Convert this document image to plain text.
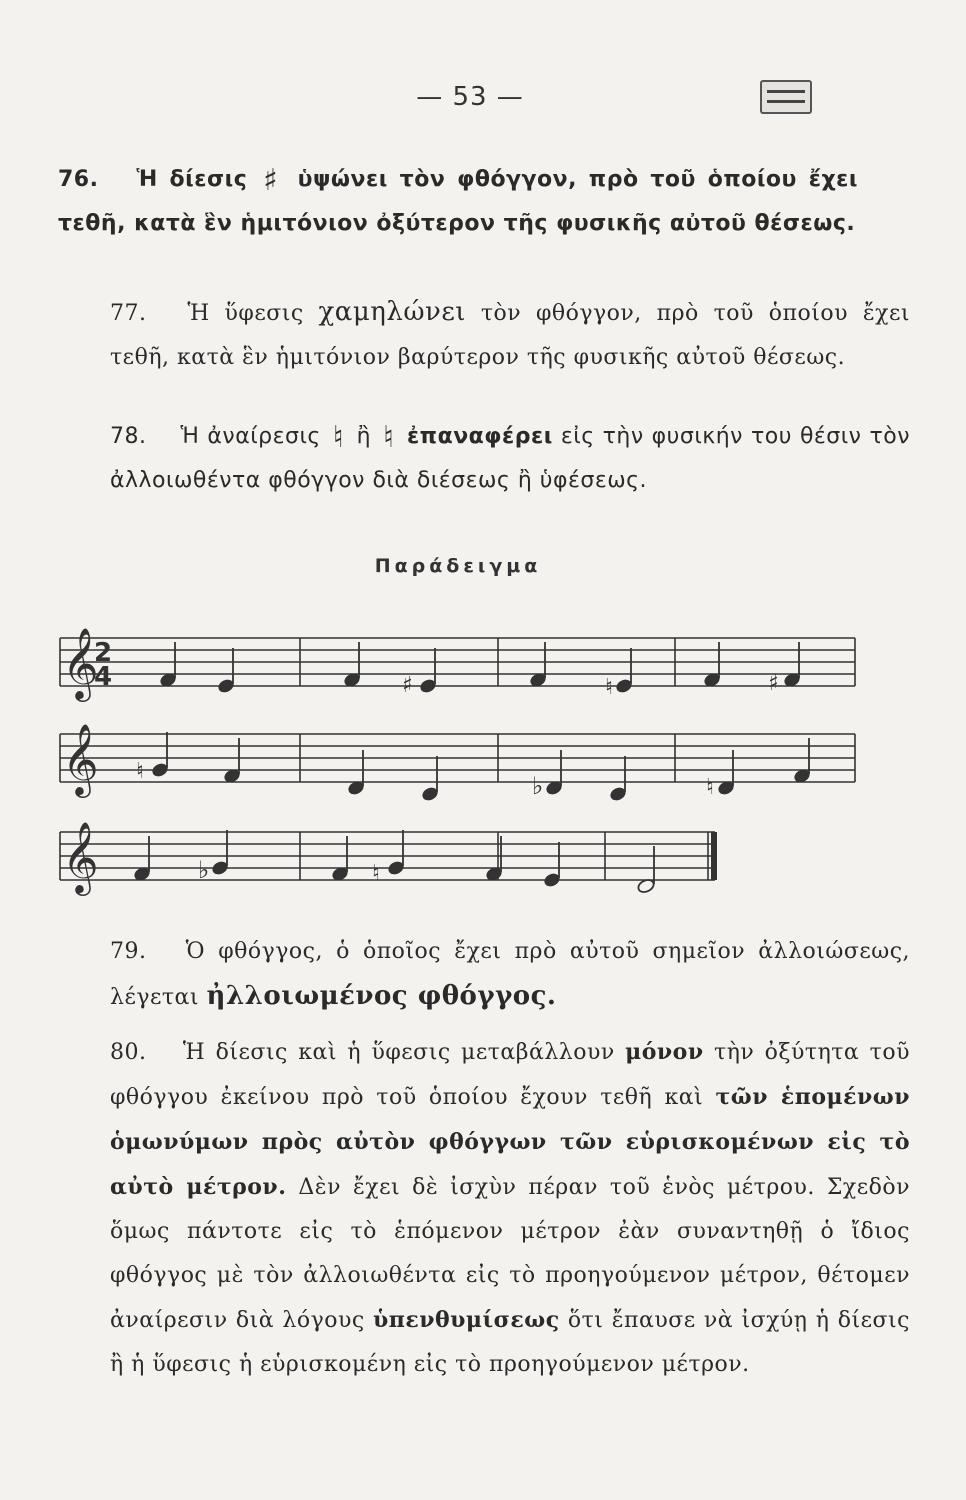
— 53 —

76. Ἡ δίεσις ♯ ὑψώνει τὸν φθόγγον, πρὸ τοῦ ὁποίου ἔχει τεθῆ, κατὰ ἓν ἡμιτόνιον ὀξύτερον τῆς φυσικῆς αὐτοῦ θέσεως.

77. Ἡ ὕφεσις χαμηλώνει τὸν φθόγγον, πρὸ τοῦ ὁποίου ἔχει τεθῆ, κατὰ ἓν ἡμιτόνιον βαρύτερον τῆς φυσικῆς αὐτοῦ θέσεως.

78. Ἡ ἀναίρεσις ♮ ἢ ♮ ἐπαναφέρει εἰς τὴν φυσικήν του θέσιν τὸν ἀλλοιωθέντα φθόγγον διὰ διέσεως ἢ ὑφέσεως.

Παράδειγμα
𝄞
𝄞
𝄞
2
4	♯	♮	♯
♮
♭	♮
♭	♮

79. Ὁ φθόγγος, ὁ ὁποῖος ἔχει πρὸ αὐτοῦ σημεῖον ἀλλοιώσεως, λέγεται ἠλλοιωμένος φθόγγος.

80. Ἡ δίεσις καὶ ἡ ὕφεσις μεταβάλλουν μόνον τὴν ὀξύτητα τοῦ φθόγγου ἐκείνου πρὸ τοῦ ὁποίου ἔχουν τεθῆ καὶ τῶν ἑπομένων ὁμωνύμων πρὸς αὐτὸν φθόγγων τῶν εὑρισκομένων εἰς τὸ αὐτὸ μέτρον. Δὲν ἔχει δὲ ἰσχὺν πέραν τοῦ ἑνὸς μέτρου. Σχεδὸν ὅμως πάντοτε εἰς τὸ ἑπόμενον μέτρον ἐὰν συναντηθῇ ὁ ἴδιος φθόγγος μὲ τὸν ἀλλοιωθέντα εἰς τὸ προηγούμενον μέτρον, θέτομεν ἀναίρεσιν διὰ λόγους ὑπενθυμίσεως ὅτι ἔπαυσε νὰ ἰσχύῃ ἡ δίεσις ἢ ἡ ὕφεσις ἡ εὑρισκομένη εἰς τὸ προηγούμενον μέτρον.
